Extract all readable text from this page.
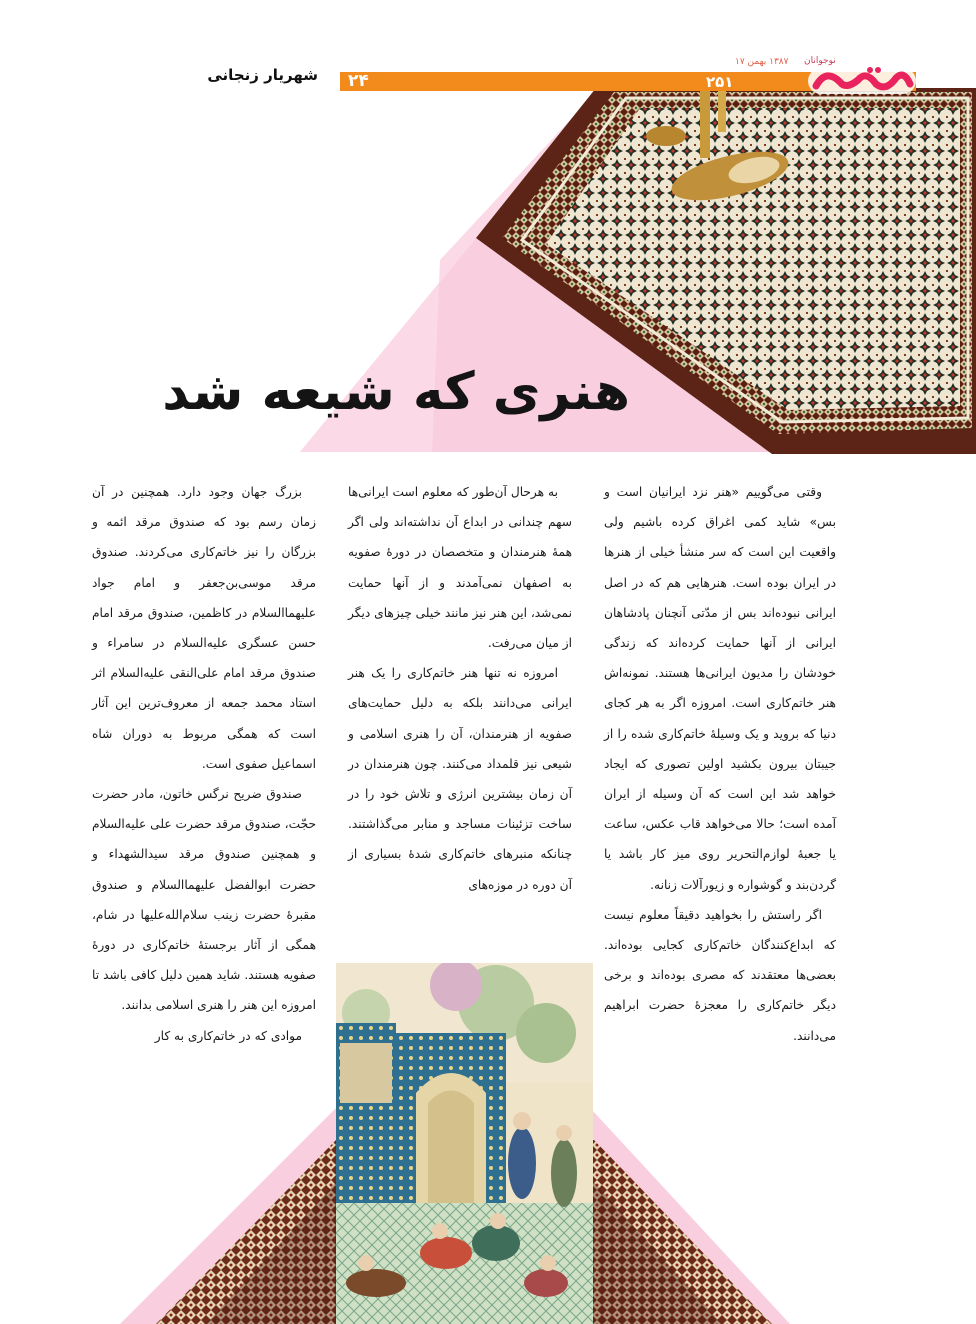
۲۴	۲۵۱
۱۳۸۷ بهمن ۱۷ نوجوانان
شهریار زنجانی
هنری که شیعه شد

وقتی می‌گوییم «هنر نزد ایرانیان است و بس» شاید کمی اغراق کرده باشیم ولی واقعیت این است که سر منشأ خیلی از هنرها در ایران بوده است. هنرهایی هم که در اصل ایرانی نبوده‌اند بس از مدّتی آنچنان پادشاهان ایرانی از آنها حمایت کرده‌اند که زندگی خودشان را مدیون ایرانی‌ها هستند. نمونه‌اش هنر خاتم‌کاری است. امروزه اگر به هر کجای دنیا که بروید و یک وسیلهٔ خاتم‌کاری شده را از جیبتان بیرون بکشید اولین تصوری که ایجاد خواهد شد این است که آن وسیله از ایران آمده است؛ حالا می‌خواهد قاب عکس، ساعت یا جعبهٔ لوازم‌التحریر روی میز کار باشد یا گردن‌بند و گوشواره و زیورآلات زنانه.

اگر راستش را بخواهید دقیقاً معلوم نیست که ابداع‌کنندگان خاتم‌کاری کجایی بوده‌اند. بعضی‌ها معتقدند که مصری بوده‌اند و برخی دیگر خاتم‌کاری را معجزهٔ حضرت ابراهیم می‌دانند.

به هرحال آن‌طور که معلوم است ایرانی‌ها سهم چندانی در ابداع آن نداشته‌اند ولی اگر همهٔ هنرمندان و متخصصان در دورهٔ صفویه به اصفهان نمی‌آمدند و از آنها حمایت نمی‌شد، این هنر نیز مانند خیلی چیزهای دیگر از میان می‌رفت.

امروزه نه تنها هنر خاتم‌کاری را یک هنر ایرانی می‌دانند بلکه به دلیل حمایت‌های صفویه از هنرمندان، آن را هنری اسلامی و شیعی نیز قلمداد می‌کنند. چون هنرمندان در آن زمان بیشترین انرژی و تلاش خود را در ساخت تزئینات مساجد و منابر می‌گذاشتند. چنانکه منبرهای خاتم‌کاری شدهٔ بسیاری از آن دوره در موزه‌های

بزرگ جهان وجود دارد. همچنین در آن زمان رسم بود که صندوق مرقد ائمه و بزرگان را نیز خاتم‌کاری می‌کردند. صندوق مرقد موسی‌بن‌جعفر و امام جواد علیهماالسلام در کاظمین، صندوق مرقد امام حسن عسگری علیه‌السلام در سامراء و صندوق مرقد امام علی‌النقی علیه‌السلام اثر استاد محمد جمعه از معروف‌ترین این آثار است که همگی مربوط به دوران شاه اسماعیل صفوی است.

صندوق ضریح نرگس خاتون، مادر حضرت حجّت، صندوق مرقد حضرت علی علیه‌السلام و همچنین صندوق مرقد سیدالشهداء و حضرت ابوالفضل علیهماالسلام و صندوق مقبرهٔ حضرت زینب سلام‌الله‌علیها در شام، همگی از آثار برجستهٔ خاتم‌کاری در دورهٔ صفویه هستند. شاید همین دلیل کافی باشد تا امروزه این هنر را هنری اسلامی بدانند.

موادی که در خاتم‌کاری به کار
